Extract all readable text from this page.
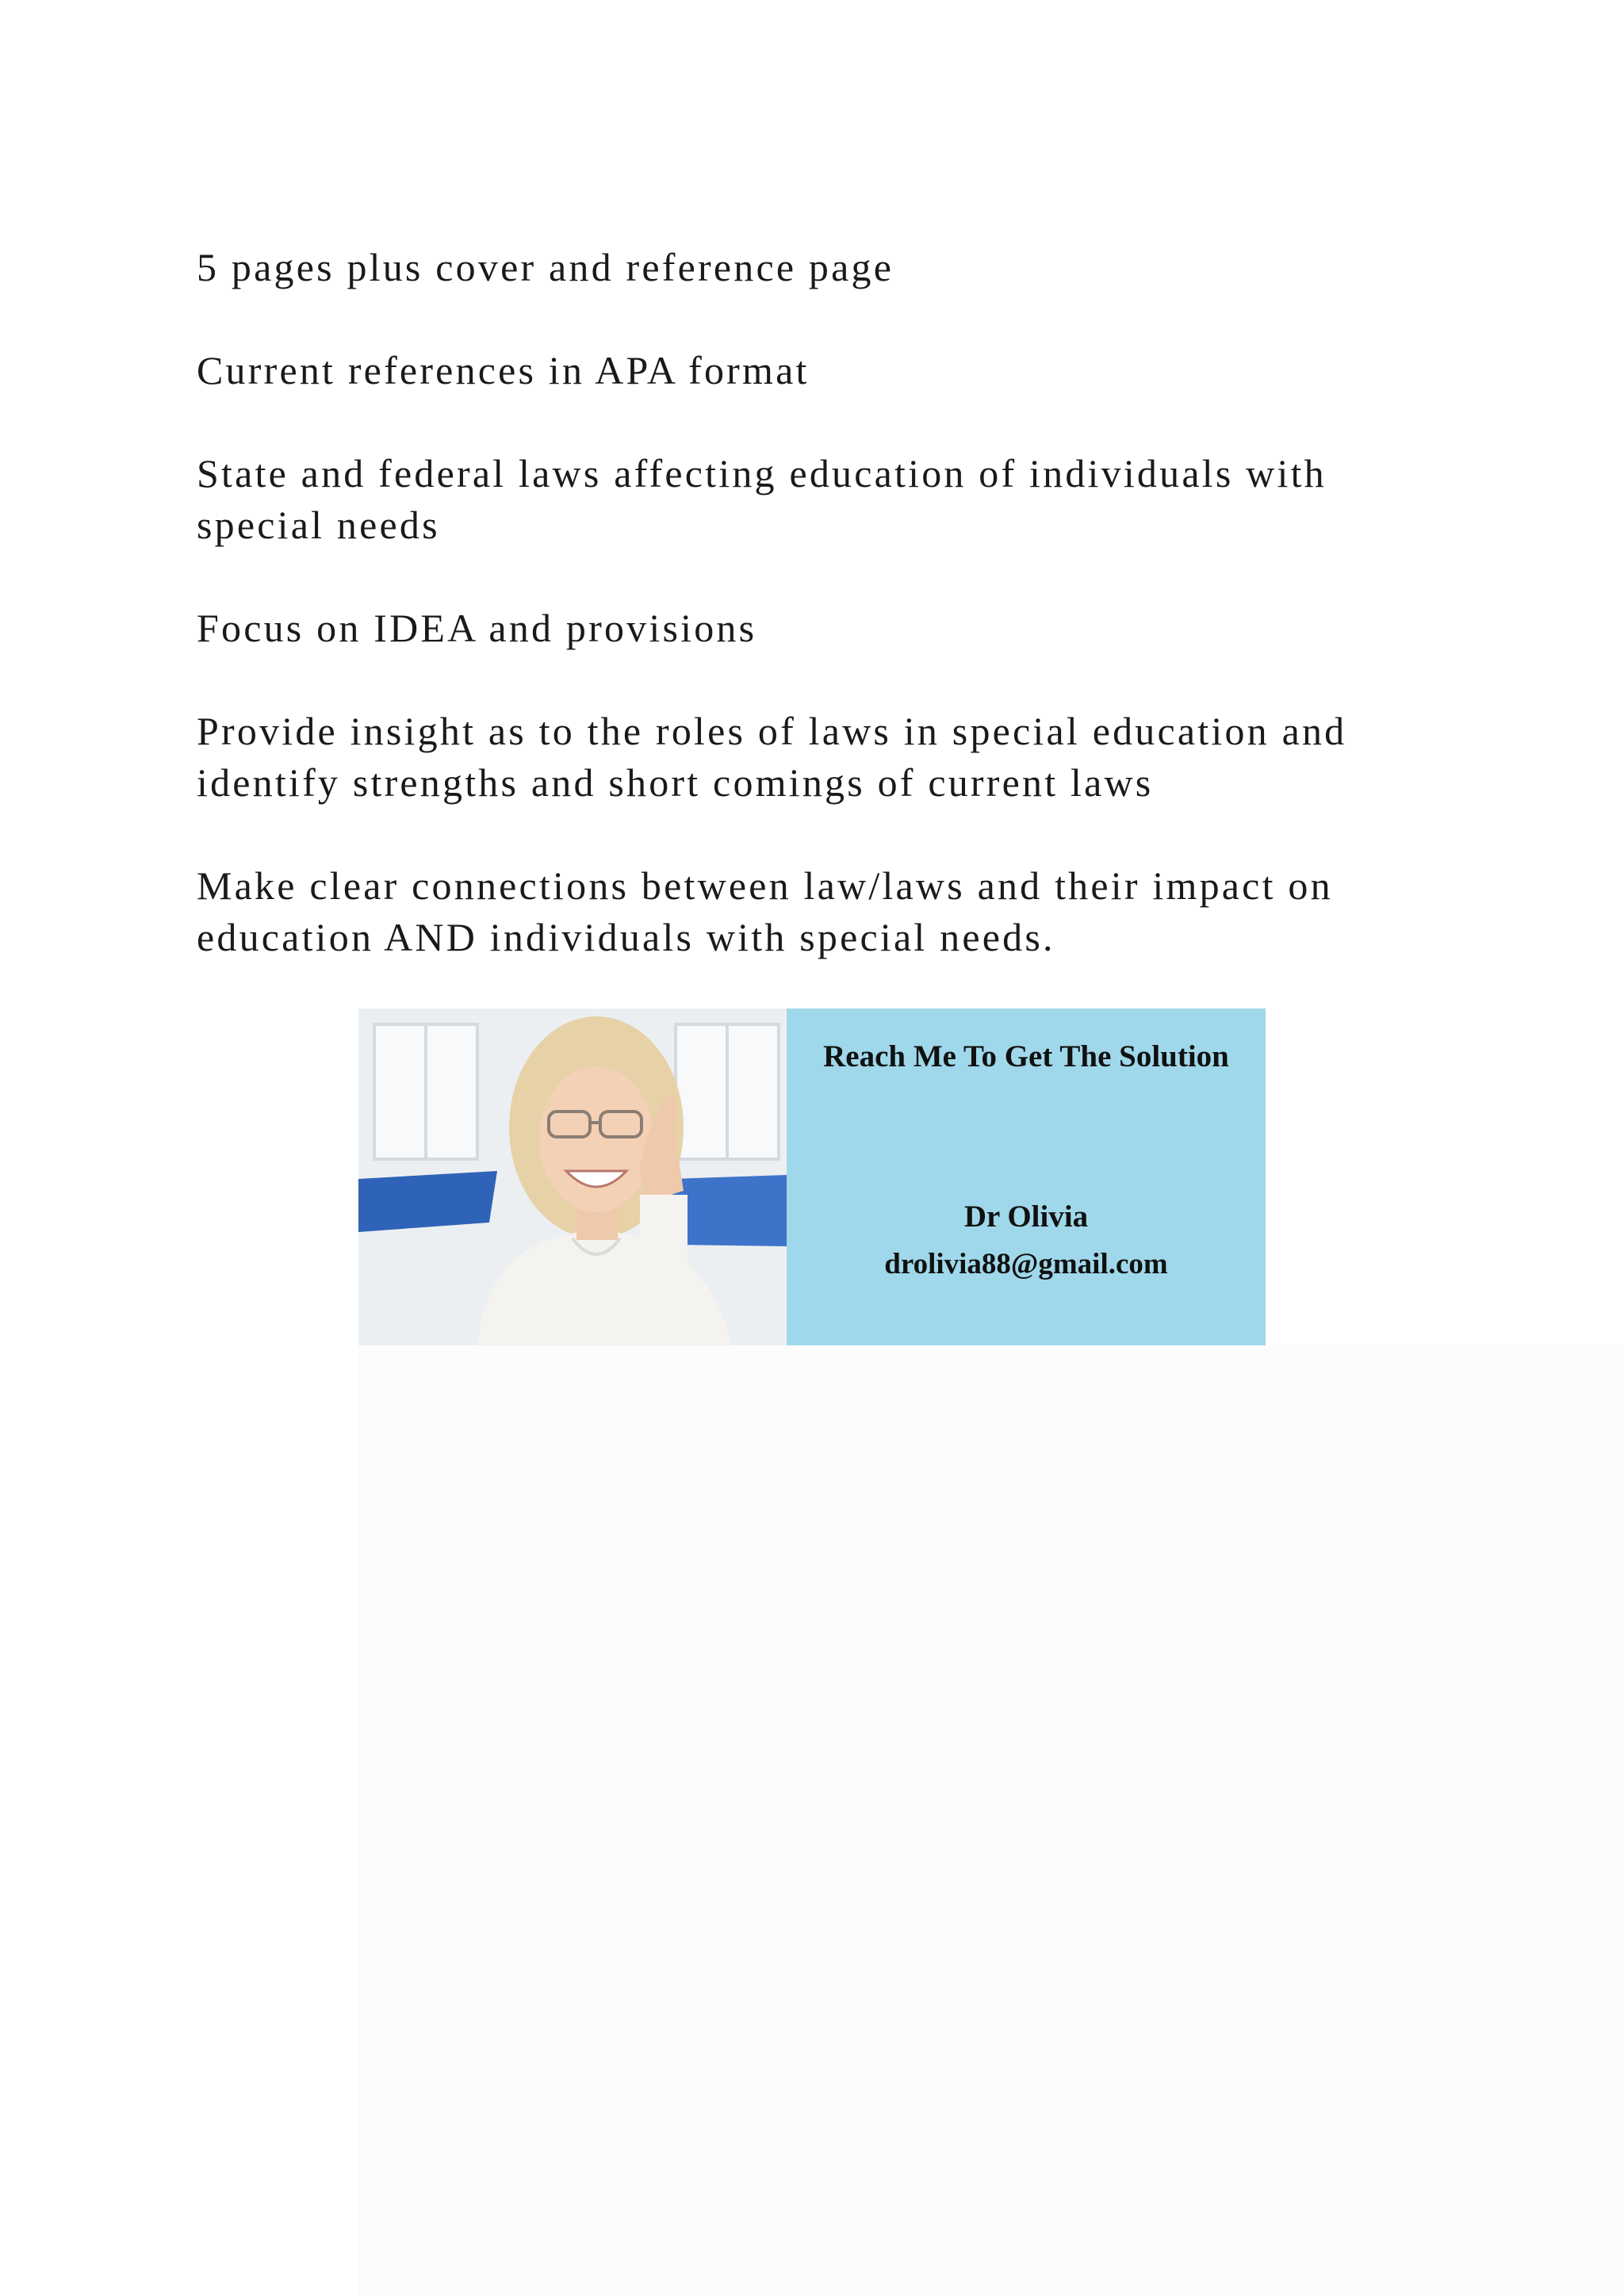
5 pages plus cover and reference page

Current references in APA format

State and federal laws affecting education of individuals with special needs

Focus on IDEA and provisions

Provide insight as to the roles of laws in special education and identify strengths and short comings of current laws

Make clear connections between law/laws and their impact on education AND individuals with special needs.

Reach Me To Get The Solution
Dr Olivia
drolivia88@gmail.com
